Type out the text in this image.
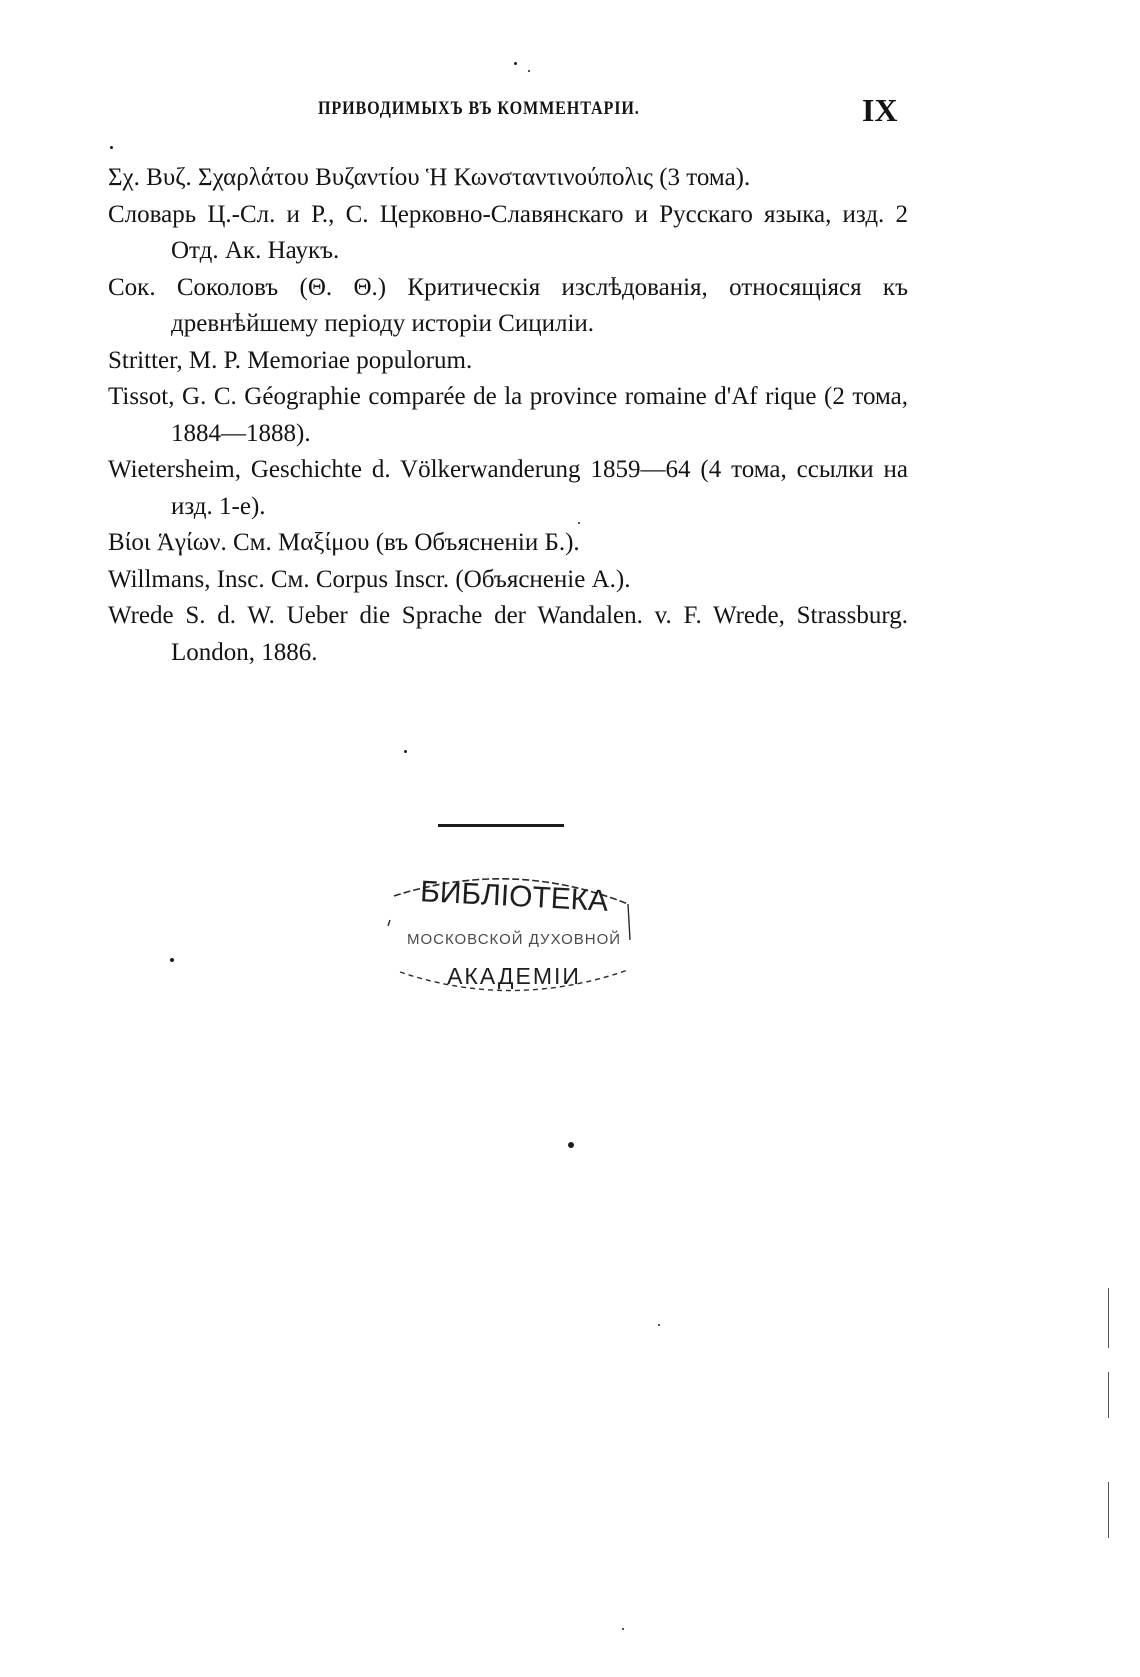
ПРИВОДИМЫХЪ ВЪ КОММЕНТАРІИ.	IX

Σχ. Βυζ. Σχαρλάτου Βυζαντίου Ἡ Κωνσταντινούπολις (3 тома).

Словарь Ц.-Сл. и Р., С. Церковно-Славянскаго и Русскаго языка, изд. 2 Отд. Ак. Наукъ.

Сок. Соколовъ (Θ. Θ.) Критическія изслѣдованія, относящіяся къ древнѣйшему періоду исторіи Сициліи.

Stritter, M. P. Memoriae populorum.

Tissot, G. C. Géographie comparée de la province romaine d'Af rique (2 тома, 1884—1888).

Wietersheim, Geschichte d. Völkerwanderung 1859—64 (4 тома, ссылки на изд. 1-е).

Βίοι Ἁγίων. См. Μαξίμου (въ Объясненіи Б.).

Willmans, Insc. См. Corpus Inscr. (Объясненіе А.).

Wrede S. d. W. Ueber die Sprache der Wandalen. v. F. Wrede, Strassburg. London, 1886.

БИБЛІОТЕКА
МОСКОВСКОЙ ДУХОВНОЙ
АКАДЕМІИ
